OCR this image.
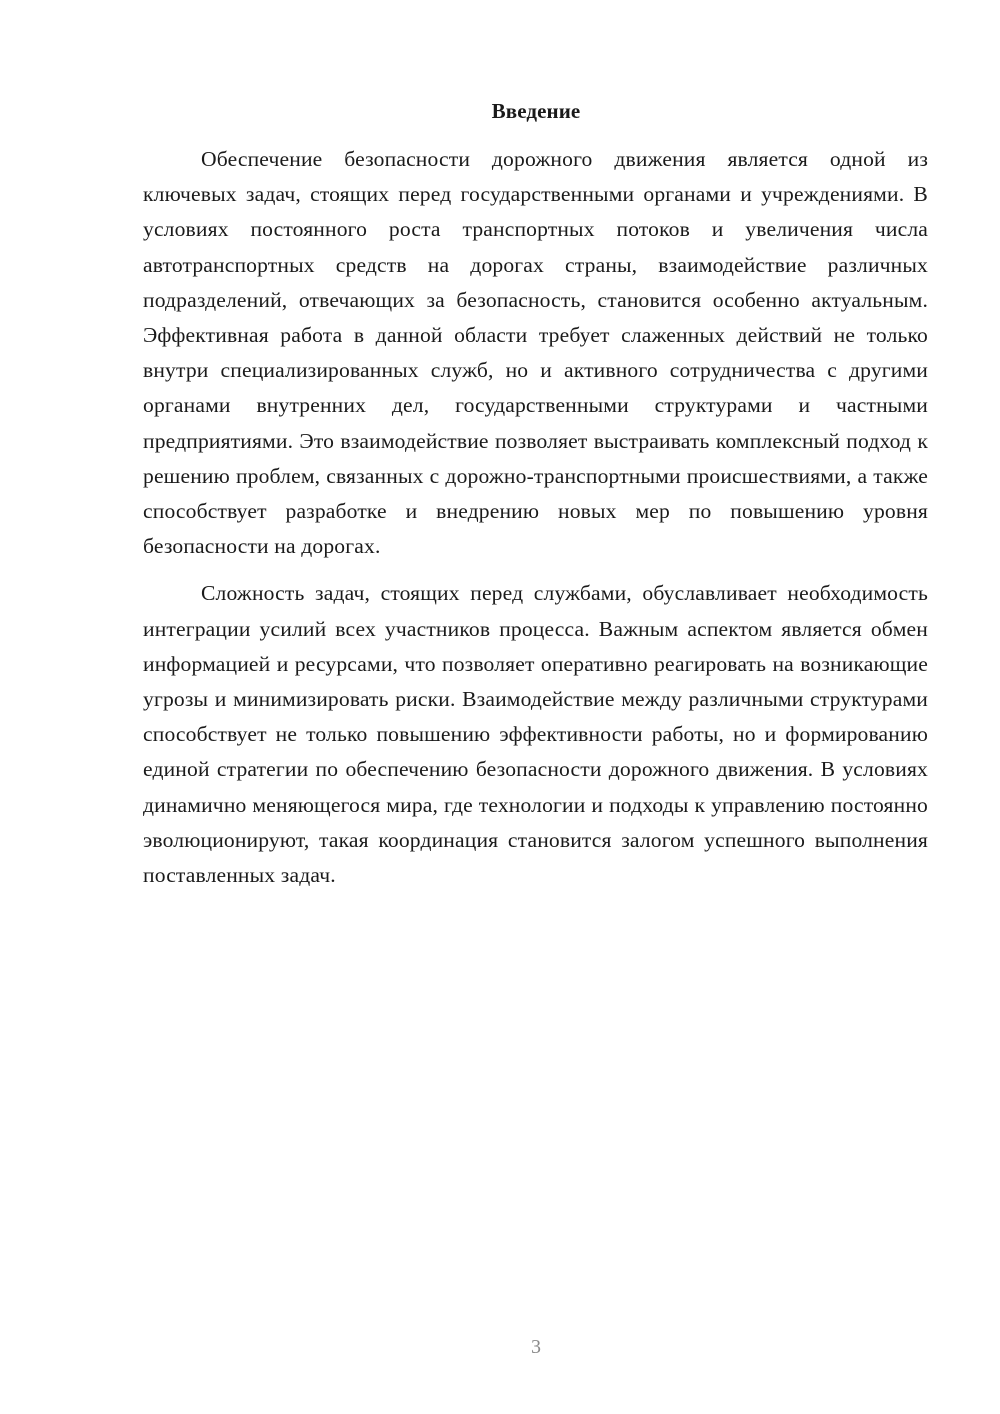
Введение

Обеспечение безопасности дорожного движения является одной из ключевых задач, стоящих перед государственными органами и учреждениями. В условиях постоянного роста транспортных потоков и увеличения числа автотранспортных средств на дорогах страны, взаимодействие различных подразделений, отвечающих за безопасность, становится особенно актуальным. Эффективная работа в данной области требует слаженных действий не только внутри специализированных служб, но и активного сотрудничества с другими органами внутренних дел, государственными структурами и частными предприятиями. Это взаимодействие позволяет выстраивать комплексный подход к решению проблем, связанных с дорожно-транспортными происшествиями, а также способствует разработке и внедрению новых мер по повышению уровня безопасности на дорогах.

Сложность задач, стоящих перед службами, обуславливает необходимость интеграции усилий всех участников процесса. Важным аспектом является обмен информацией и ресурсами, что позволяет оперативно реагировать на возникающие угрозы и минимизировать риски. Взаимодействие между различными структурами способствует не только повышению эффективности работы, но и формированию единой стратегии по обеспечению безопасности дорожного движения. В условиях динамично меняющегося мира, где технологии и подходы к управлению постоянно эволюционируют, такая координация становится залогом успешного выполнения поставленных задач.

3
